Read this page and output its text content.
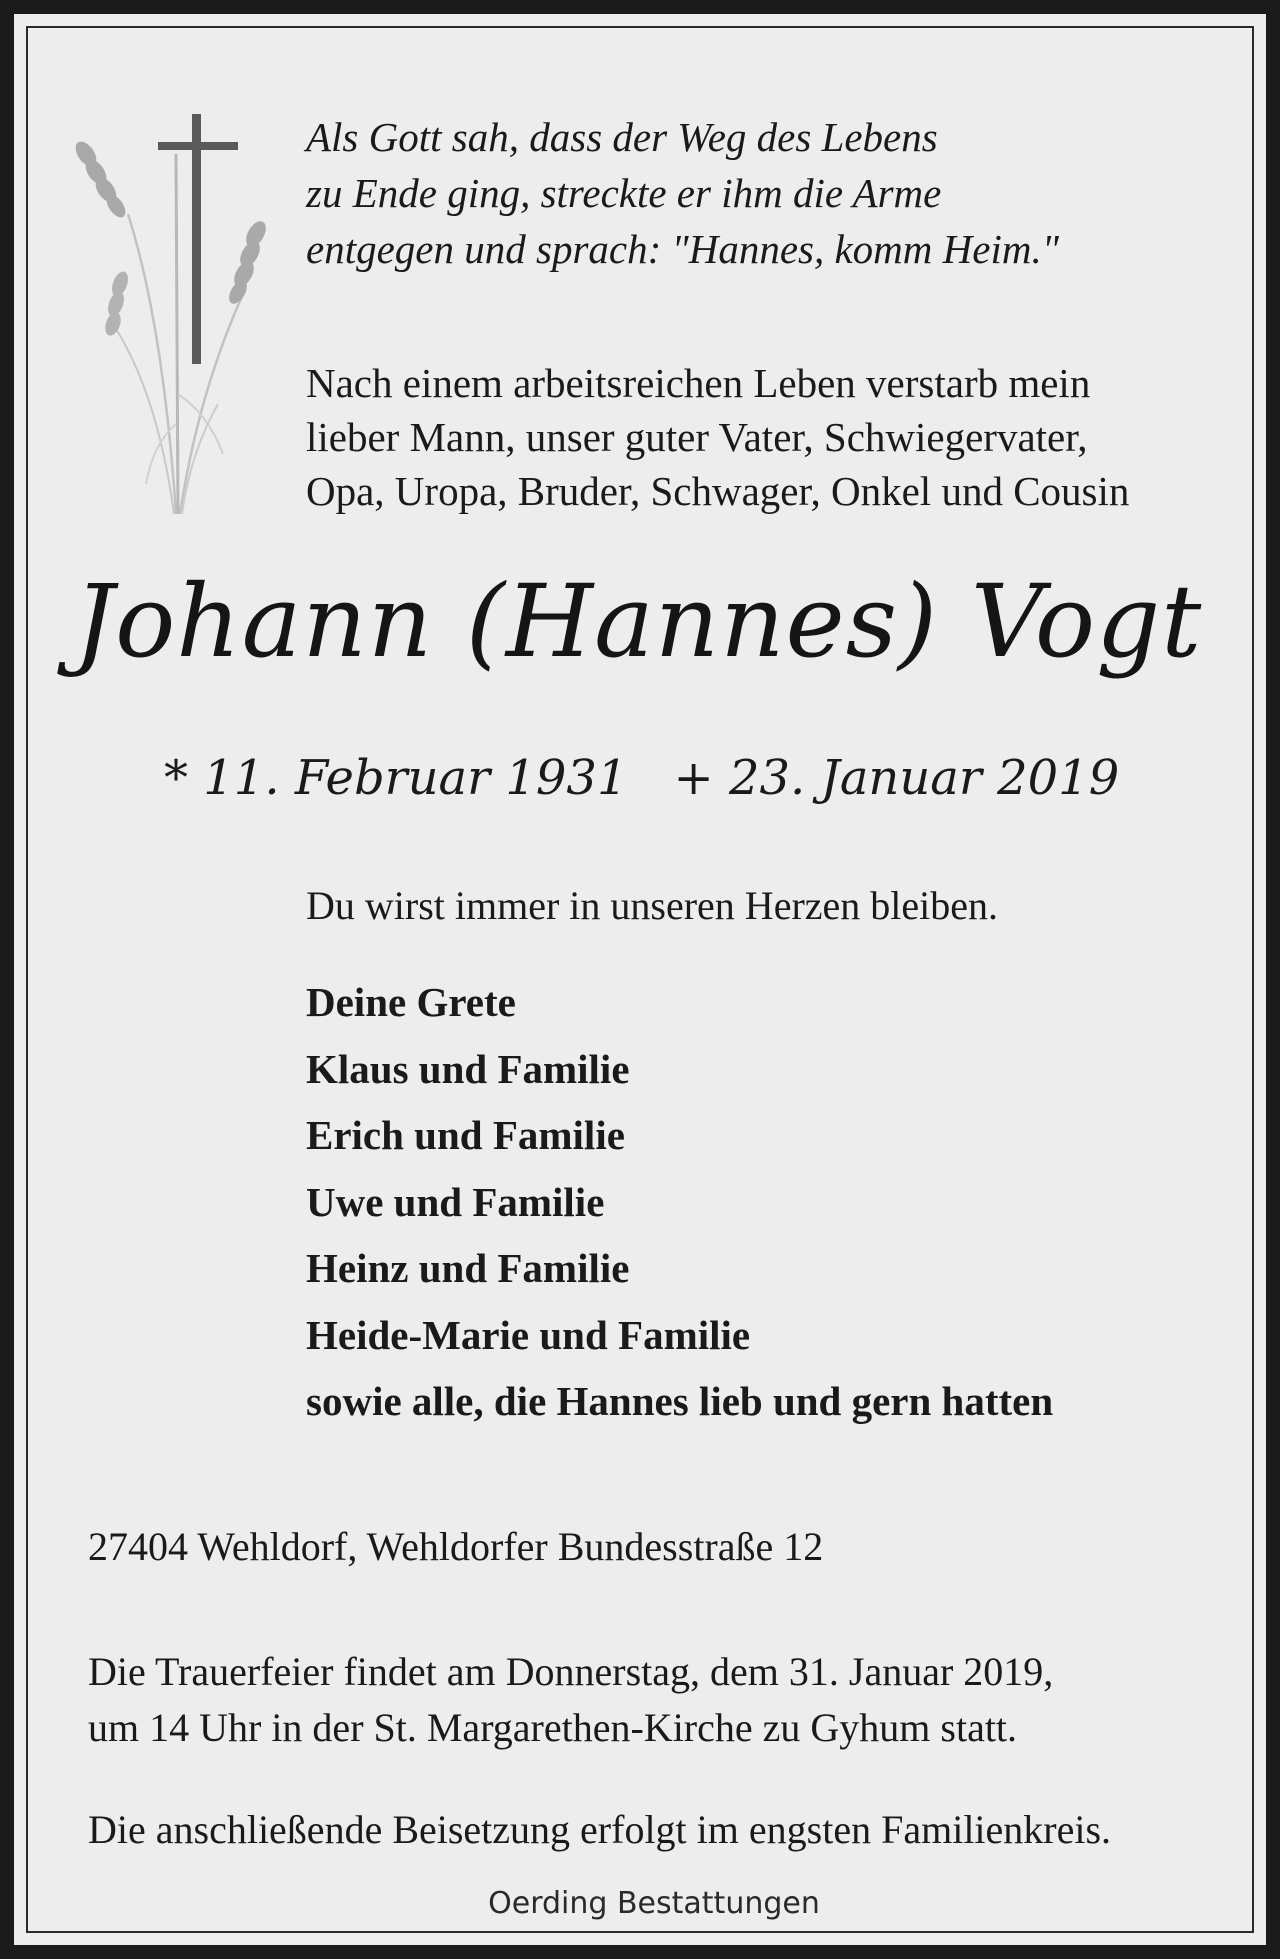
Als Gott sah, dass der Weg des Lebens
zu Ende ging, streckte er ihm die Arme
entgegen und sprach: "Hannes, komm Heim."
Nach einem arbeitsreichen Leben verstarb mein
lieber Mann, unser guter Vater, Schwiegervater,
Opa, Uropa, Bruder, Schwager, Onkel und Cousin
Johann (Hannes) Vogt
* 11. Februar 1931 + 23. Januar 2019
Du wirst immer in unseren Herzen bleiben.
Deine Grete
Klaus und Familie
Erich und Familie
Uwe und Familie
Heinz und Familie
Heide-Marie und Familie
sowie alle, die Hannes lieb und gern hatten
27404 Wehldorf, Wehldorfer Bundesstraße 12
Die Trauerfeier findet am Donnerstag, dem 31. Januar 2019,
um 14 Uhr in der St. Margarethen-Kirche zu Gyhum statt.
Die anschließende Beisetzung erfolgt im engsten Familienkreis.
Oerding Bestattungen
